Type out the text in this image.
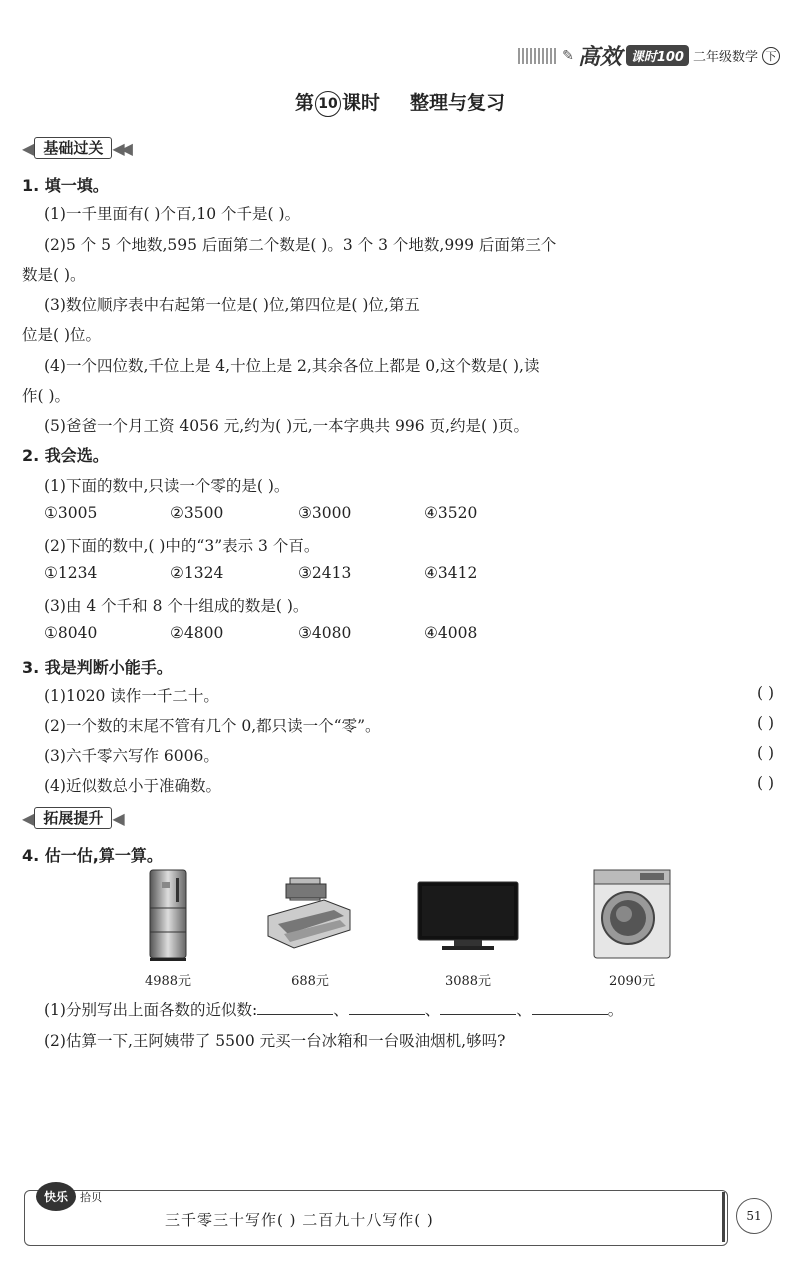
✎ 高效 课时100 二年级数学 下
第 10 课时 整理与复习
◀ 基础过关 ◀◀
1. 填一填。
(1)一千里面有( )个百,10 个千是( )。
(2)5 个 5 个地数,595 后面第二个数是( )。3 个 3 个地数,999 后面第三个
数是( )。
(3)数位顺序表中右起第一位是( )位,第四位是( )位,第五
位是( )位。
(4)一个四位数,千位上是 4,十位上是 2,其余各位上都是 0,这个数是( ),读
作( )。
(5)爸爸一个月工资 4056 元,约为( )元,一本字典共 996 页,约是( )页。
2. 我会选。
(1)下面的数中,只读一个零的是( )。
①3005	②3500	③3000	④3520
(2)下面的数中,( )中的“3”表示 3 个百。
①1234	②1324	③2413	④3412
(3)由 4 个千和 8 个十组成的数是( )。
①8040	②4800	③4080	④4008
3. 我是判断小能手。
(1)1020 读作一千二十。	( )
(2)一个数的末尾不管有几个 0,都只读一个“零”。	( )
(3)六千零六写作 6006。	( )
(4)近似数总小于准确数。	( )
◀ 拓展提升 ◀
4. 估一估,算一算。
4988元	688元	3088元	2090元
(1)分别写出上面各数的近似数:	、	、	、	。
(2)估算一下,王阿姨带了 5500 元买一台冰箱和一台吸油烟机,够吗?
三千零三十写作( ) 二百九十八写作( )
快乐	拾贝
51
